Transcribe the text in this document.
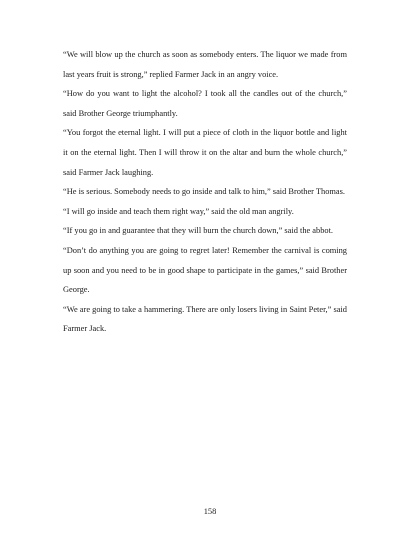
“We will blow up the church as soon as somebody enters. The liquor we made from last years fruit is strong,” replied Farmer Jack in an angry voice.

“How do you want to light the alcohol? I took all the candles out of the church,” said Brother George triumphantly.

“You forgot the eternal light. I will put a piece of cloth in the liquor bottle and light it on the eternal light. Then I will throw it on the altar and burn the whole church,” said Farmer Jack laughing.

“He is serious. Somebody needs to go inside and talk to him,” said Brother Thomas.

“I will go inside and teach them right way,” said the old man angrily.

“If you go in and guarantee that they will burn the church down,” said the abbot.

“Don’t do anything you are going to regret later! Remember the carnival is coming up soon and you need to be in good shape to participate in the games,” said Brother George.

“We are going to take a hammering. There are only losers living in Saint Peter,” said Farmer Jack.

158
